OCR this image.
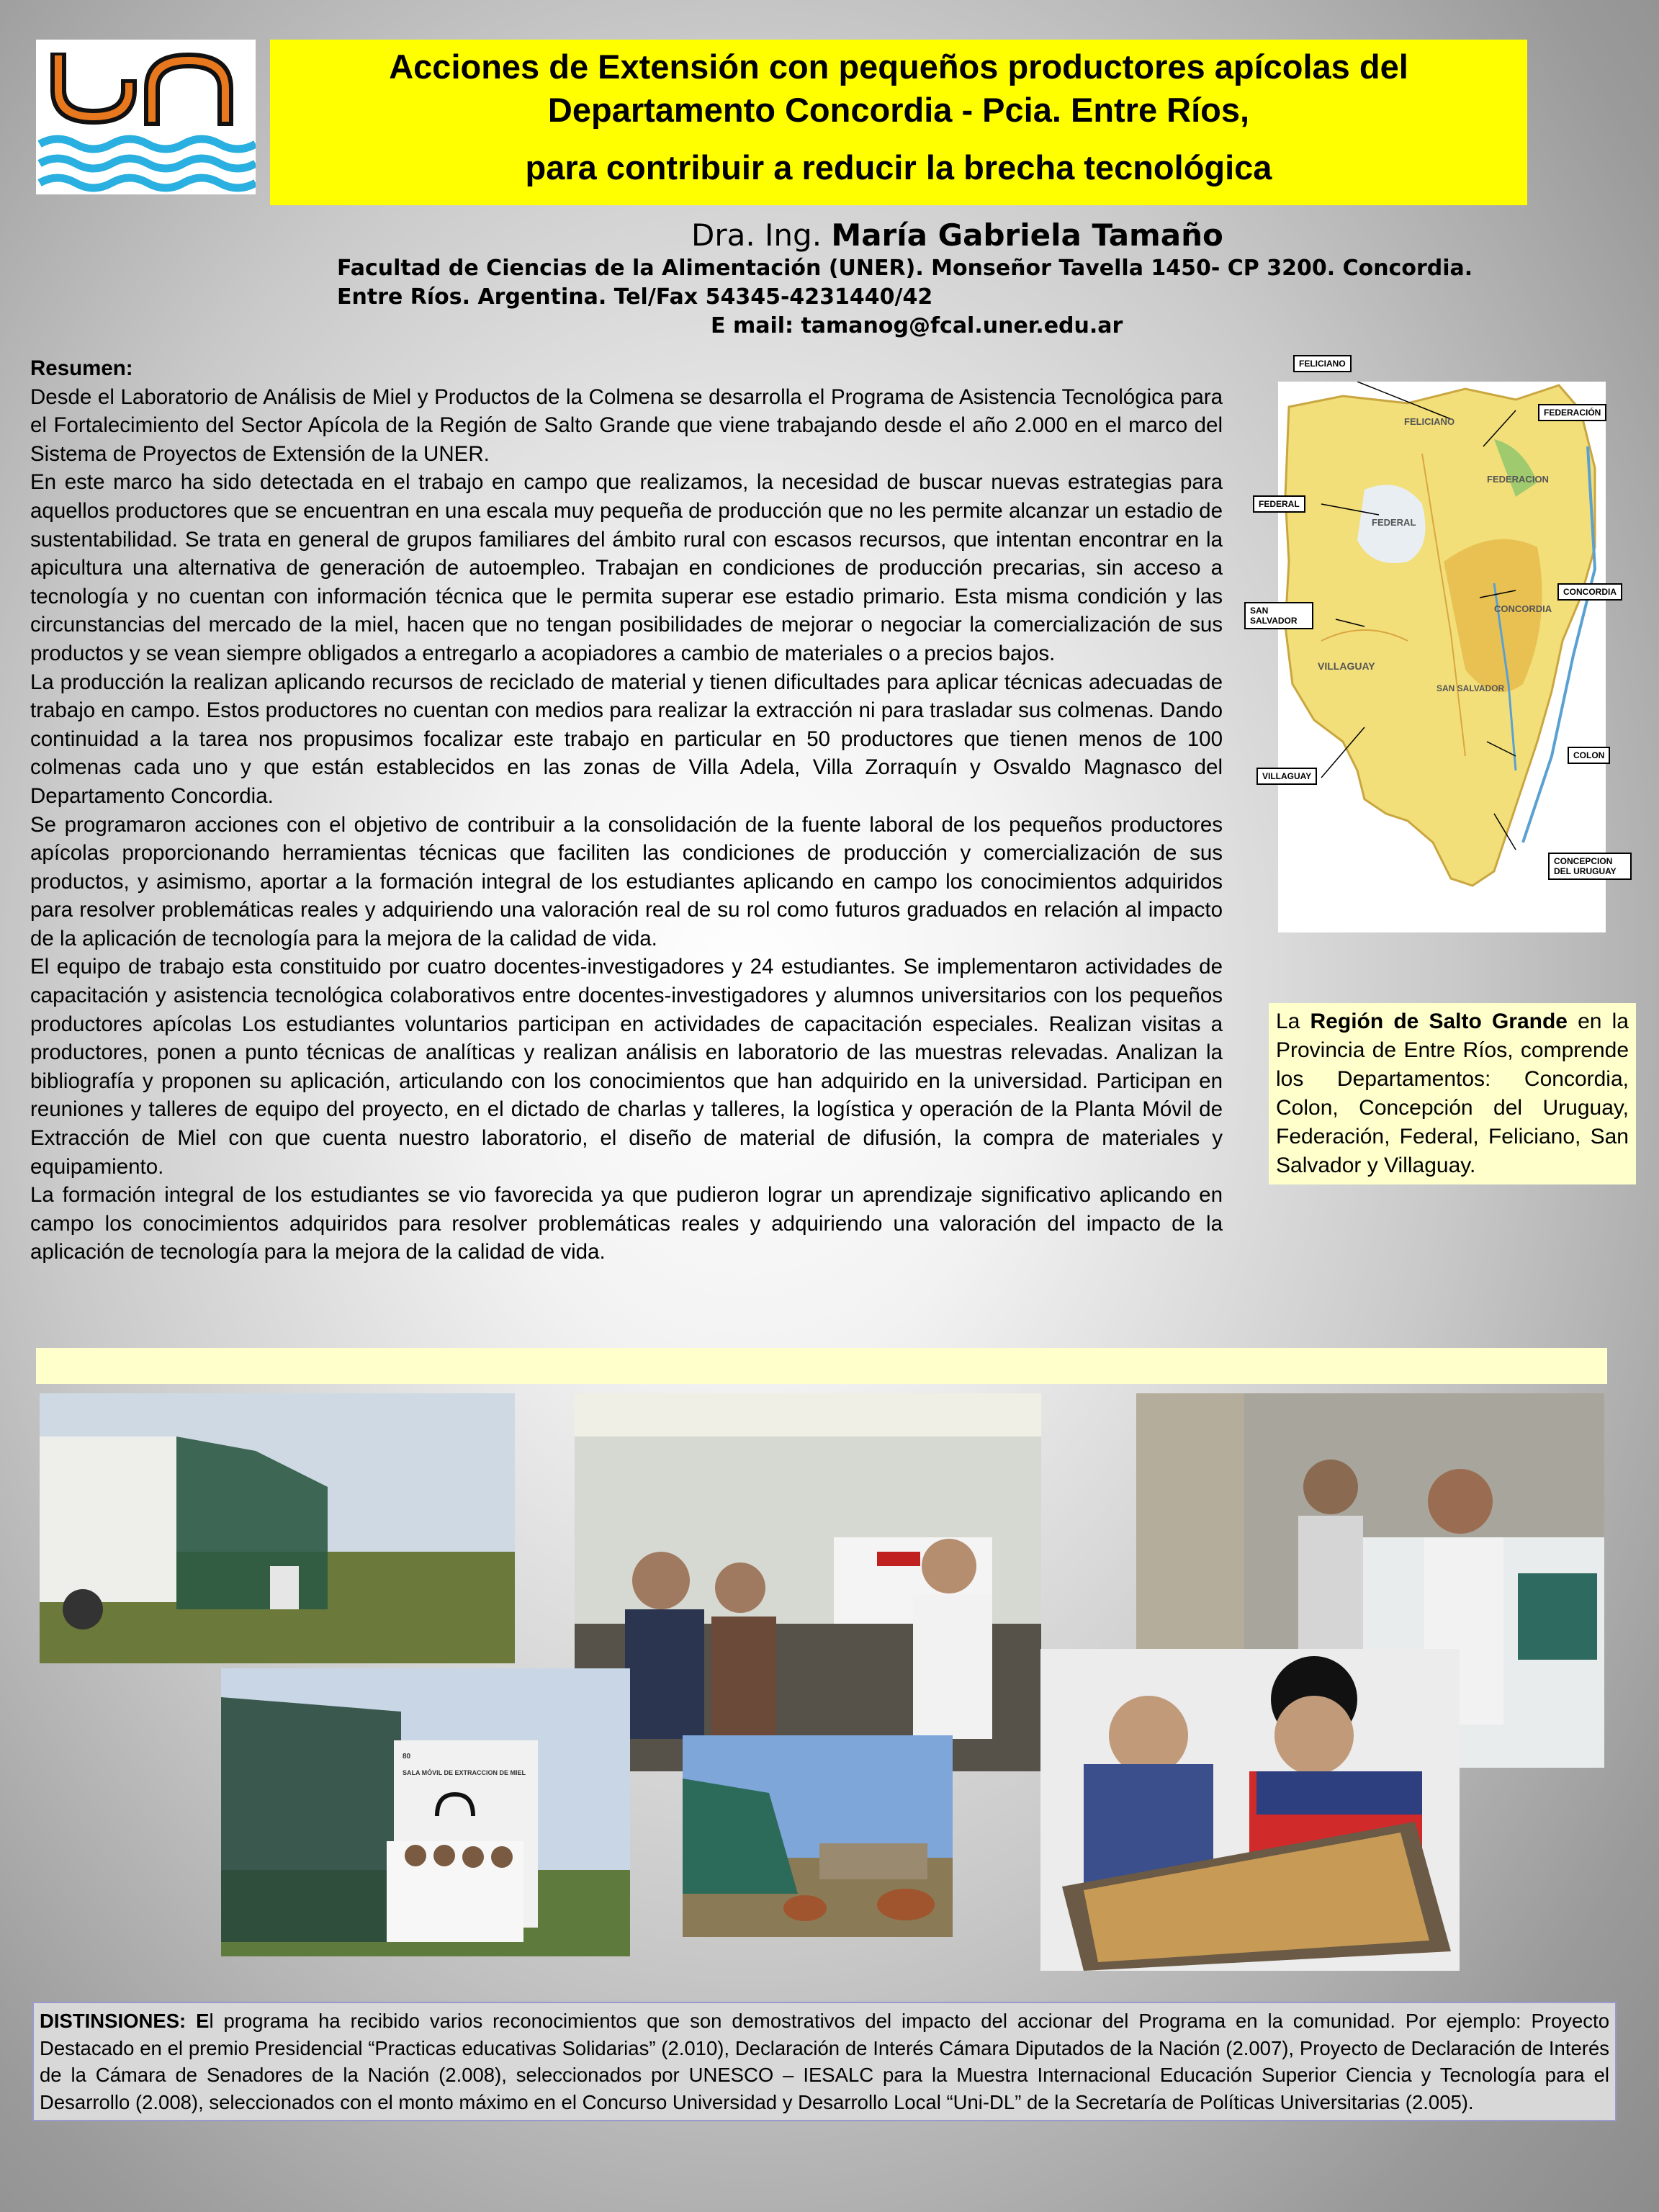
Acciones de Extensión con pequeños productores apícolas del
Departamento Concordia - Pcia. Entre Ríos,
para contribuir a reducir la brecha tecnológica
Dra. Ing. María Gabriela Tamaño
Facultad de Ciencias de la Alimentación (UNER). Monseñor Tavella 1450- CP 3200. Concordia.
Entre Ríos. Argentina. Tel/Fax 54345-4231440/42
E mail: tamanog@fcal.uner.edu.ar

Resumen:

Desde el Laboratorio de Análisis de Miel y Productos de la Colmena se desarrolla el Programa de Asistencia Tecnológica para el Fortalecimiento del Sector Apícola de la Región de Salto Grande que viene trabajando desde el año 2.000 en el marco del Sistema de Proyectos de Extensión de la UNER.

En este marco ha sido detectada en el trabajo en campo que realizamos, la necesidad de buscar nuevas estrategias para aquellos productores que se encuentran en una escala muy pequeña de producción que no les permite alcanzar un estadio de sustentabilidad. Se trata en general de grupos familiares del ámbito rural con escasos recursos, que intentan encontrar en la apicultura una alternativa de generación de autoempleo. Trabajan en condiciones de producción precarias, sin acceso a tecnología y no cuentan con información técnica que le permita superar ese estadio primario. Esta misma condición y las circunstancias del mercado de la miel, hacen que no tengan posibilidades de mejorar o negociar la comercialización de sus productos y se vean siempre obligados a entregarlo a acopiadores a cambio de materiales o a precios bajos.

La producción la realizan aplicando recursos de reciclado de material y tienen dificultades para aplicar técnicas adecuadas de trabajo en campo. Estos productores no cuentan con medios para realizar la extracción ni para trasladar sus colmenas. Dando continuidad a la tarea nos propusimos focalizar este trabajo en particular en 50 productores que tienen menos de 100 colmenas cada uno y que están establecidos en las zonas de Villa Adela, Villa Zorraquín y Osvaldo Magnasco del Departamento Concordia.

Se programaron acciones con el objetivo de contribuir a la consolidación de la fuente laboral de los pequeños productores apícolas proporcionando herramientas técnicas que faciliten las condiciones de producción y comercialización de sus productos, y asimismo, aportar a la formación integral de los estudiantes aplicando en campo los conocimientos adquiridos para resolver problemáticas reales y adquiriendo una valoración real de su rol como futuros graduados en relación al impacto de la aplicación de tecnología para la mejora de la calidad de vida.

El equipo de trabajo esta constituido por cuatro docentes-investigadores y 24 estudiantes. Se implementaron actividades de capacitación y asistencia tecnológica colaborativos entre docentes-investigadores y alumnos universitarios con los pequeños productores apícolas Los estudiantes voluntarios participan en actividades de capacitación especiales. Realizan visitas a productores, ponen a punto técnicas de analíticas y realizan análisis en laboratorio de las muestras relevadas. Analizan la bibliografía y proponen su aplicación, articulando con los conocimientos que han adquirido en la universidad. Participan en reuniones y talleres de equipo del proyecto, en el dictado de charlas y talleres, la logística y operación de la Planta Móvil de Extracción de Miel con que cuenta nuestro laboratorio, el diseño de material de difusión, la compra de materiales y equipamiento.

La formación integral de los estudiantes se vio favorecida ya que pudieron lograr un aprendizaje significativo aplicando en campo los conocimientos adquiridos para resolver problemáticas reales y adquiriendo una valoración del impacto de la aplicación de tecnología para la mejora de la calidad de vida.

FELICIANO
FEDERAL
FEDERACION
VILLAGUAY
CONCORDIA
SAN SALVADOR
FELICIANO
FEDERACIÓN
FEDERAL
CONCORDIA
SAN SALVADOR
COLON
VILLAGUAY
CONCEPCION DEL URUGUAY
La Región de Salto Grande en la Provincia de Entre Ríos, comprende los Departamentos: Concordia, Colon, Concepción del Uruguay, Federación, Federal, Feliciano, San Salvador y Villaguay.
80
SALA MÓVIL DE EXTRACCION DE MIEL
DISTINSIONES: El programa ha recibido varios reconocimientos que son demostrativos del impacto del accionar del Programa en la comunidad. Por ejemplo: Proyecto Destacado en el premio Presidencial “Practicas educativas Solidarias” (2.010), Declaración de Interés Cámara Diputados de la Nación (2.007), Proyecto de Declaración de Interés de la Cámara de Senadores de la Nación (2.008), seleccionados por UNESCO – IESALC para la Muestra Internacional Educación Superior Ciencia y Tecnología para el Desarrollo (2.008), seleccionados con el monto máximo en el Concurso Universidad y Desarrollo Local “Uni-DL” de la Secretaría de Políticas Universitarias (2.005).
